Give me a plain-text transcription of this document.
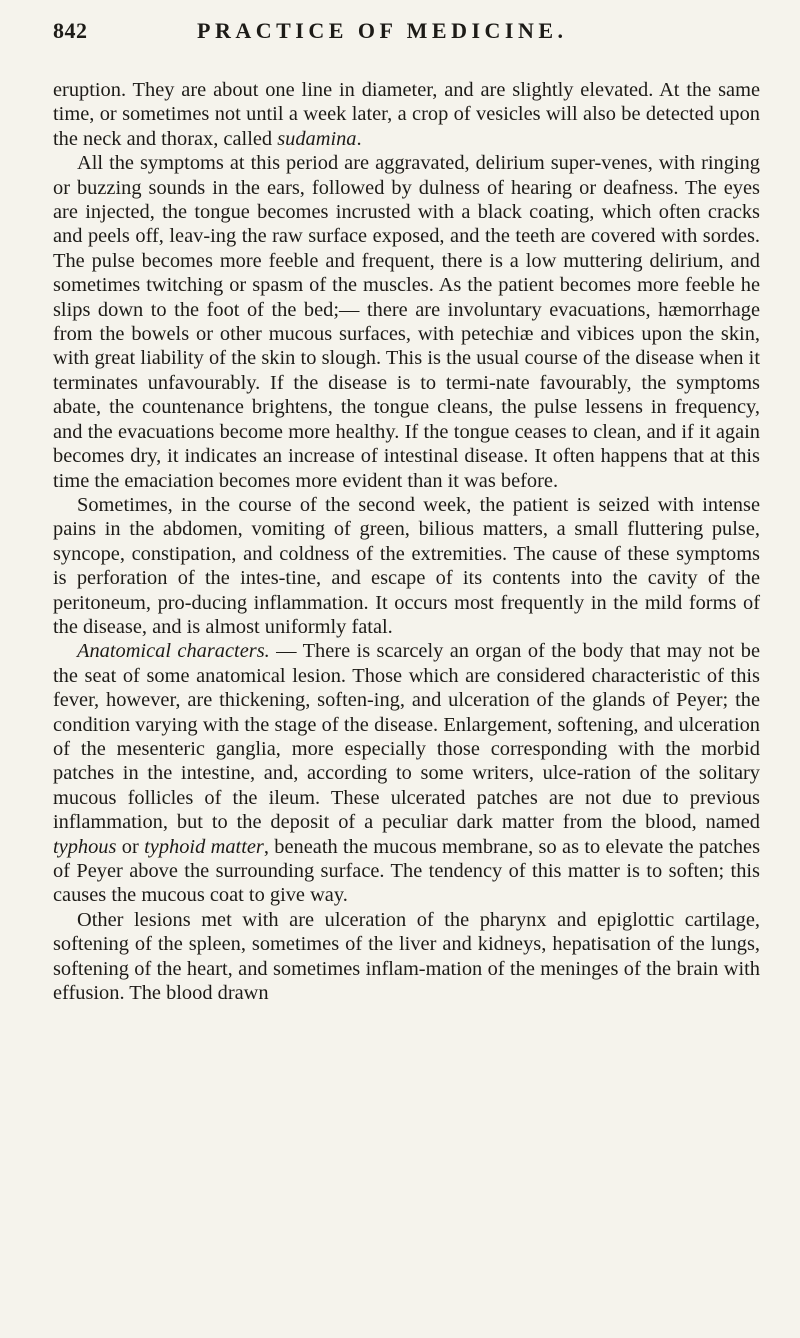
842	PRACTICE OF MEDICINE.

eruption. They are about one line in diameter, and are slightly elevated. At the same time, or sometimes not until a week later, a crop of vesicles will also be detected upon the neck and thorax, called sudamina.

All the symptoms at this period are aggravated, delirium super-venes, with ringing or buzzing sounds in the ears, followed by dulness of hearing or deafness. The eyes are injected, the tongue becomes incrusted with a black coating, which often cracks and peels off, leav-ing the raw surface exposed, and the teeth are covered with sordes. The pulse becomes more feeble and frequent, there is a low muttering delirium, and sometimes twitching or spasm of the muscles. As the patient becomes more feeble he slips down to the foot of the bed;— there are involuntary evacuations, hæmorrhage from the bowels or other mucous surfaces, with petechiæ and vibices upon the skin, with great liability of the skin to slough. This is the usual course of the disease when it terminates unfavourably. If the disease is to termi-nate favourably, the symptoms abate, the countenance brightens, the tongue cleans, the pulse lessens in frequency, and the evacuations become more healthy. If the tongue ceases to clean, and if it again becomes dry, it indicates an increase of intestinal disease. It often happens that at this time the emaciation becomes more evident than it was before.

Sometimes, in the course of the second week, the patient is seized with intense pains in the abdomen, vomiting of green, bilious matters, a small fluttering pulse, syncope, constipation, and coldness of the extremities. The cause of these symptoms is perforation of the intes-tine, and escape of its contents into the cavity of the peritoneum, pro-ducing inflammation. It occurs most frequently in the mild forms of the disease, and is almost uniformly fatal.

Anatomical characters. — There is scarcely an organ of the body that may not be the seat of some anatomical lesion. Those which are considered characteristic of this fever, however, are thickening, soften-ing, and ulceration of the glands of Peyer; the condition varying with the stage of the disease. Enlargement, softening, and ulceration of the mesenteric ganglia, more especially those corresponding with the morbid patches in the intestine, and, according to some writers, ulce-ration of the solitary mucous follicles of the ileum. These ulcerated patches are not due to previous inflammation, but to the deposit of a peculiar dark matter from the blood, named typhous or typhoid matter, beneath the mucous membrane, so as to elevate the patches of Peyer above the surrounding surface. The tendency of this matter is to soften; this causes the mucous coat to give way.

Other lesions met with are ulceration of the pharynx and epiglottic cartilage, softening of the spleen, sometimes of the liver and kidneys, hepatisation of the lungs, softening of the heart, and sometimes inflam-mation of the meninges of the brain with effusion. The blood drawn
